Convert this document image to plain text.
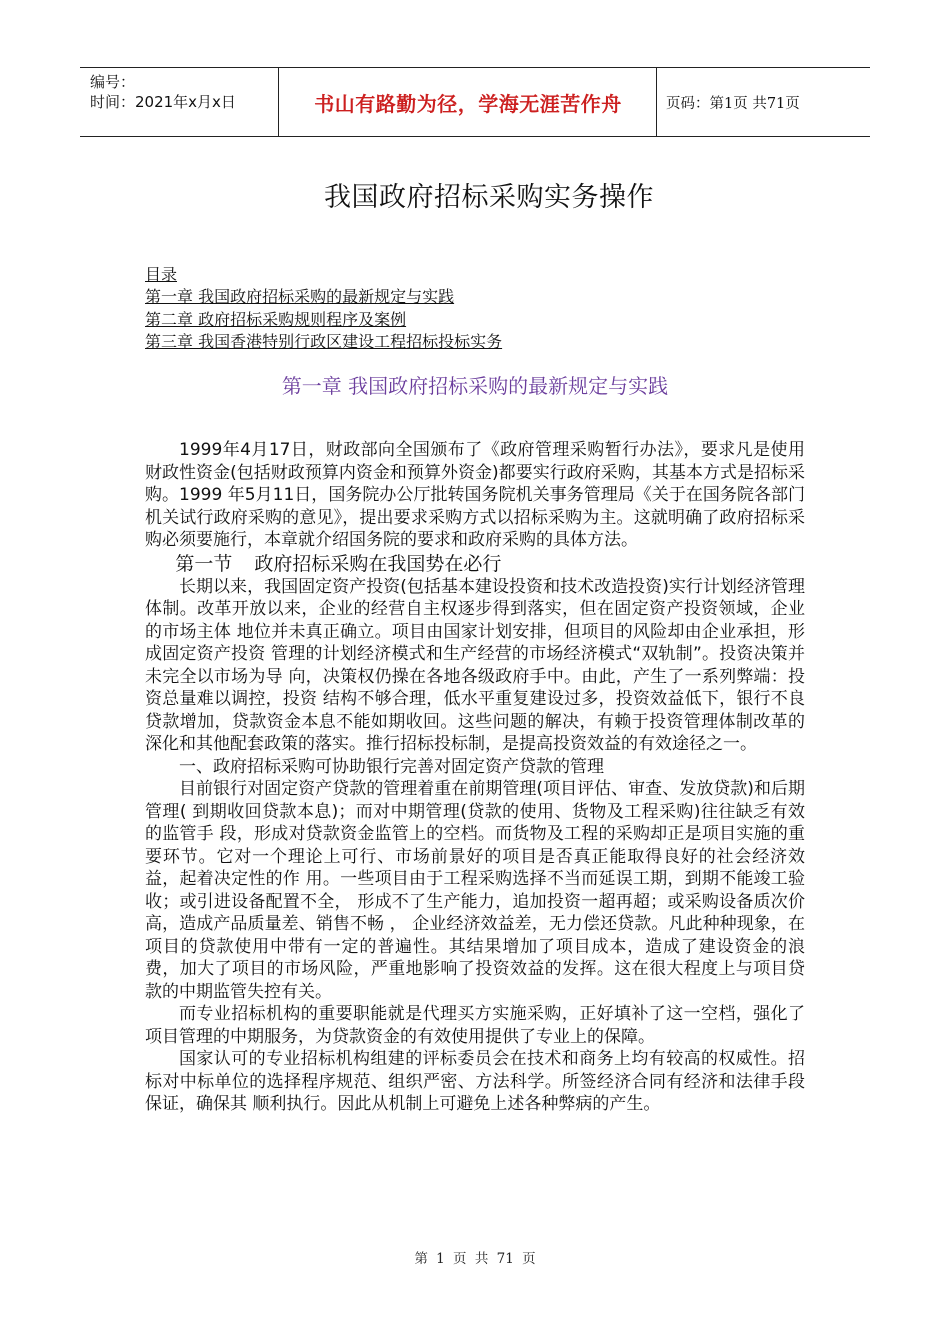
编号：
时间：2021年x月x日	书山有路勤为径，学海无涯苦作舟	页码：第1页 共71页
我国政府招标采购实务操作
目录
第一章 我国政府招标采购的最新规定与实践
第二章 政府招标采购规则程序及案例
第三章 我国香港特别行政区建设工程招标投标实务
第一章 我国政府招标采购的最新规定与实践

1999年4月17日，财政部向全国颁布了《政府管理采购暂行办法》，要求凡是使用财政性资金(包括财政预算内资金和预算外资金)都要实行政府采购，其基本方式是招标采购。1999 年5月11日，国务院办公厅批转国务院机关事务管理局《关于在国务院各部门机关试行政府采购的意见》，提出要求采购方式以招标采购为主。这就明确了政府招标采购必须要施行，本章就介绍国务院的要求和政府采购的具体方法。

第一节 政府招标采购在我国势在必行

长期以来，我国固定资产投资(包括基本建设投资和技术改造投资)实行计划经济管理体制。改革开放以来，企业的经营自主权逐步得到落实，但在固定资产投资领域，企业的市场主体 地位并未真正确立。项目由国家计划安排，但项目的风险却由企业承担，形成固定资产投资 管理的计划经济模式和生产经营的市场经济模式“双轨制”。投资决策并未完全以市场为导 向，决策权仍操在各地各级政府手中。由此，产生了一系列弊端：投资总量难以调控，投资 结构不够合理，低水平重复建设过多，投资效益低下，银行不良贷款增加，贷款资金本息不能如期收回。这些问题的解决，有赖于投资管理体制改革的深化和其他配套政策的落实。推行招标投标制，是提高投资效益的有效途径之一。

一、政府招标采购可协助银行完善对固定资产贷款的管理

目前银行对固定资产贷款的管理着重在前期管理(项目评估、审查、发放贷款)和后期管理( 到期收回贷款本息)；而对中期管理(贷款的使用、货物及工程采购)往往缺乏有效的监管手 段，形成对贷款资金监管上的空档。而货物及工程的采购却正是项目实施的重要环节。它对一个理论上可行、市场前景好的项目是否真正能取得良好的社会经济效益，起着决定性的作 用。一些项目由于工程采购选择不当而延误工期，到期不能竣工验收；或引进设备配置不全， 形成不了生产能力，追加投资一超再超；或采购设备质次价高，造成产品质量差、销售不畅 ， 企业经济效益差，无力偿还贷款。凡此种种现象，在项目的贷款使用中带有一定的普遍性。其结果增加了项目成本，造成了建设资金的浪费，加大了项目的市场风险，严重地影响了投资效益的发挥。这在很大程度上与项目贷款的中期监管失控有关。

而专业招标机构的重要职能就是代理买方实施采购，正好填补了这一空档，强化了项目管理的中期服务，为贷款资金的有效使用提供了专业上的保障。

国家认可的专业招标机构组建的评标委员会在技术和商务上均有较高的权威性。招标对中标单位的选择程序规范、组织严密、方法科学。所签经济合同有经济和法律手段保证，确保其 顺利执行。因此从机制上可避免上述各种弊病的产生。

第 1 页 共 71 页
